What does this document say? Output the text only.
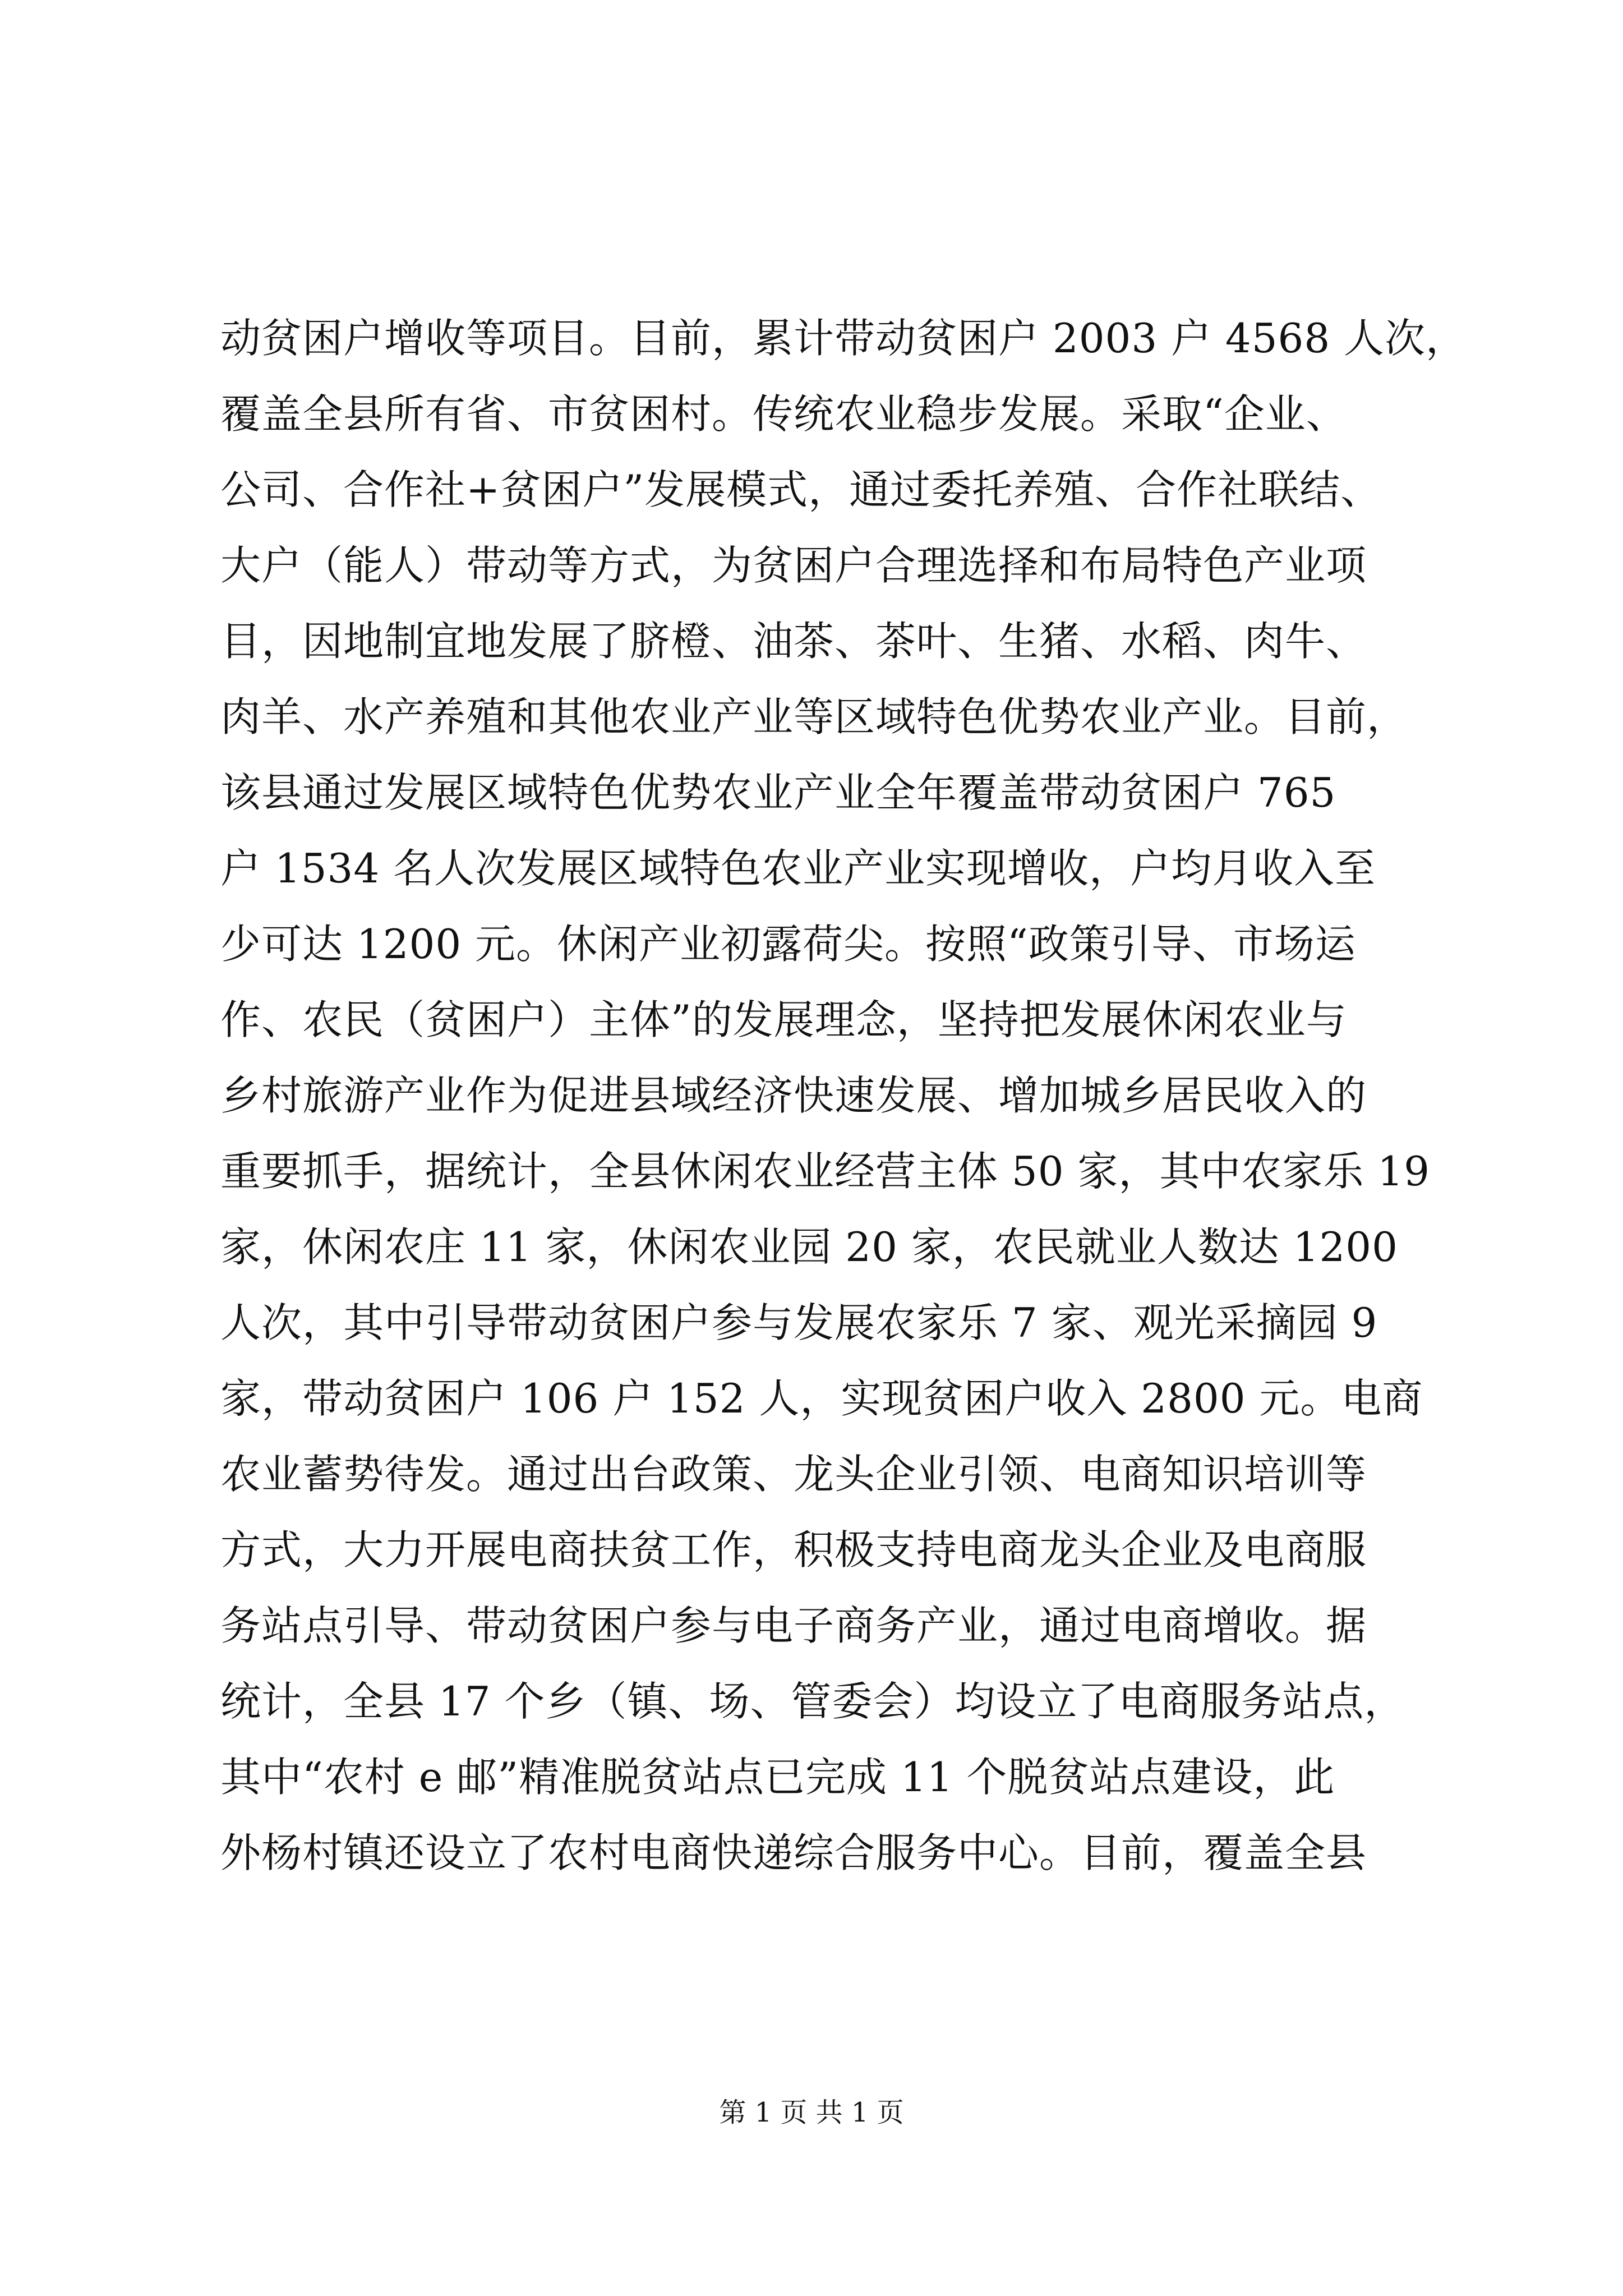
动贫困户增收等项目。目前，累计带动贫困户 2003 户 4568 人次，
覆盖全县所有省、市贫困村。传统农业稳步发展。采取“企业、
公司、合作社+贫困户”发展模式，通过委托养殖、合作社联结、
大户（能人）带动等方式，为贫困户合理选择和布局特色产业项
目，因地制宜地发展了脐橙、油茶、茶叶、生猪、水稻、肉牛、
肉羊、水产养殖和其他农业产业等区域特色优势农业产业。目前，
该县通过发展区域特色优势农业产业全年覆盖带动贫困户 765
户 1534 名人次发展区域特色农业产业实现增收，户均月收入至
少可达 1200 元。休闲产业初露荷尖。按照“政策引导、市场运
作、农民（贫困户）主体”的发展理念，坚持把发展休闲农业与
乡村旅游产业作为促进县域经济快速发展、增加城乡居民收入的
重要抓手，据统计，全县休闲农业经营主体 50 家，其中农家乐 19
家，休闲农庄 11 家，休闲农业园 20 家，农民就业人数达 1200
人次，其中引导带动贫困户参与发展农家乐 7 家、观光采摘园 9
家，带动贫困户 106 户 152 人，实现贫困户收入 2800 元。电商
农业蓄势待发。通过出台政策、龙头企业引领、电商知识培训等
方式，大力开展电商扶贫工作，积极支持电商龙头企业及电商服
务站点引导、带动贫困户参与电子商务产业，通过电商增收。据
统计，全县 17 个乡（镇、场、管委会）均设立了电商服务站点，
其中“农村 e 邮”精准脱贫站点已完成 11 个脱贫站点建设，此
外杨村镇还设立了农村电商快递综合服务中心。目前，覆盖全县
第 1 页 共 1 页
